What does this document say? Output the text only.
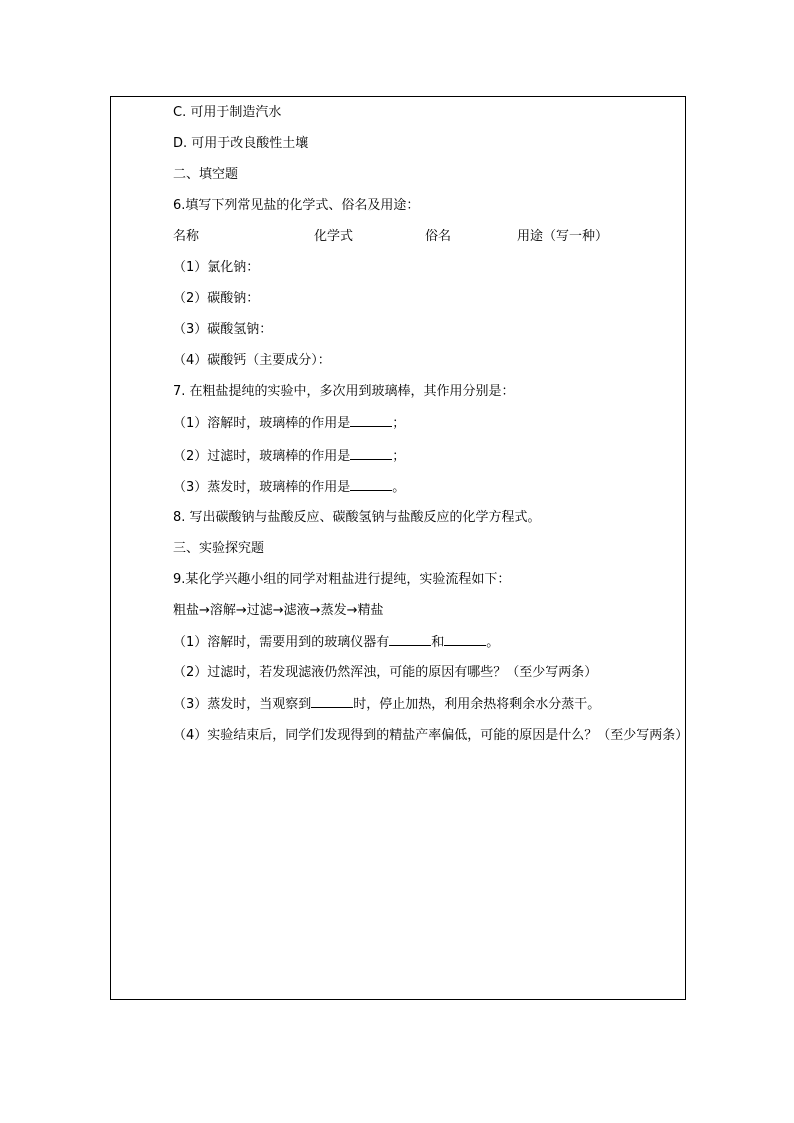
C. 可用于制造汽水
D. 可用于改良酸性土壤
二、填空题
6.填写下列常见盐的化学式、俗名及用途：
名称	化学式	俗名	用途（写一种）
（1）氯化钠：
（2）碳酸钠：
（3）碳酸氢钠：
（4）碳酸钙（主要成分）：
7. 在粗盐提纯的实验中，多次用到玻璃棒，其作用分别是：
（1）溶解时，玻璃棒的作用是	；
（2）过滤时，玻璃棒的作用是	；
（3）蒸发时，玻璃棒的作用是	。
8. 写出碳酸钠与盐酸反应、碳酸氢钠与盐酸反应的化学方程式。
三、实验探究题
9.某化学兴趣小组的同学对粗盐进行提纯，实验流程如下：
粗盐→溶解→过滤→滤液→蒸发→精盐
（1）溶解时，需要用到的玻璃仪器有	和	。
（2）过滤时，若发现滤液仍然浑浊，可能的原因有哪些？（至少写两条）
（3）蒸发时，当观察到	时，停止加热，利用余热将剩余水分蒸干。
（4）实验结束后，同学们发现得到的精盐产率偏低，可能的原因是什么？（至少写两条）
